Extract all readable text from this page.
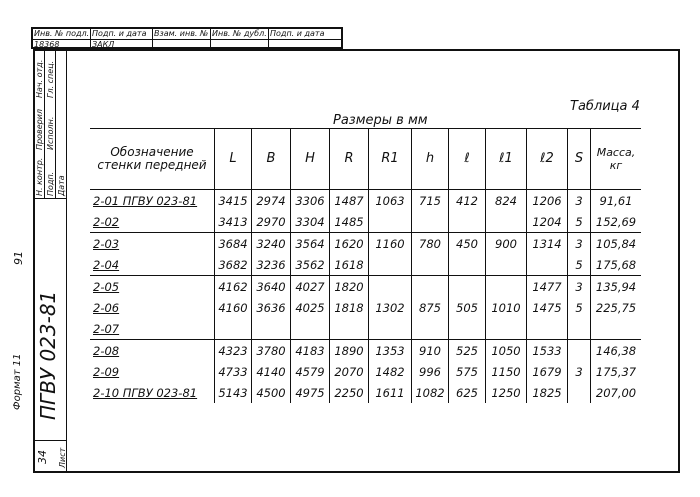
Инв. № подл. Подп. и дата Взам. инв. № Инв. № дубл. Подп. и дата
18368	ЗАКЛ
Нач. отд. Гл. спец.
Проверил Исполн.
Н. контр. Подп. Дата
ПГВУ 023-81
91
Формат 11
Лист
34
Таблица 4
Размеры в мм
Обозначение стенки передней	L	B	H	R	R1	h	ℓ	ℓ1	ℓ2	S	Масса, кг
2-01 ПГВУ 023-81	3415	2974	3306	1487	1063	715	412	824	1206	3	91,61
2-02	3413	2970	3304	1485					1204	5	152,69
2-03	3684	3240	3564	1620	1160	780	450	900	1314	3	105,84
2-04	3682	3236	3562	1618						5	175,68
2-05	4162	3640	4027	1820					1477	3	135,94
2-06	4160	3636	4025	1818	1302	875	505	1010	1475	5	225,75
2-07											
2-08	4323	3780	4183	1890	1353	910	525	1050	1533		146,38
2-09	4733	4140	4579	2070	1482	996	575	1150	1679	3	175,37
2-10 ПГВУ 023-81	5143	4500	4975	2250	1611	1082	625	1250	1825		207,00
